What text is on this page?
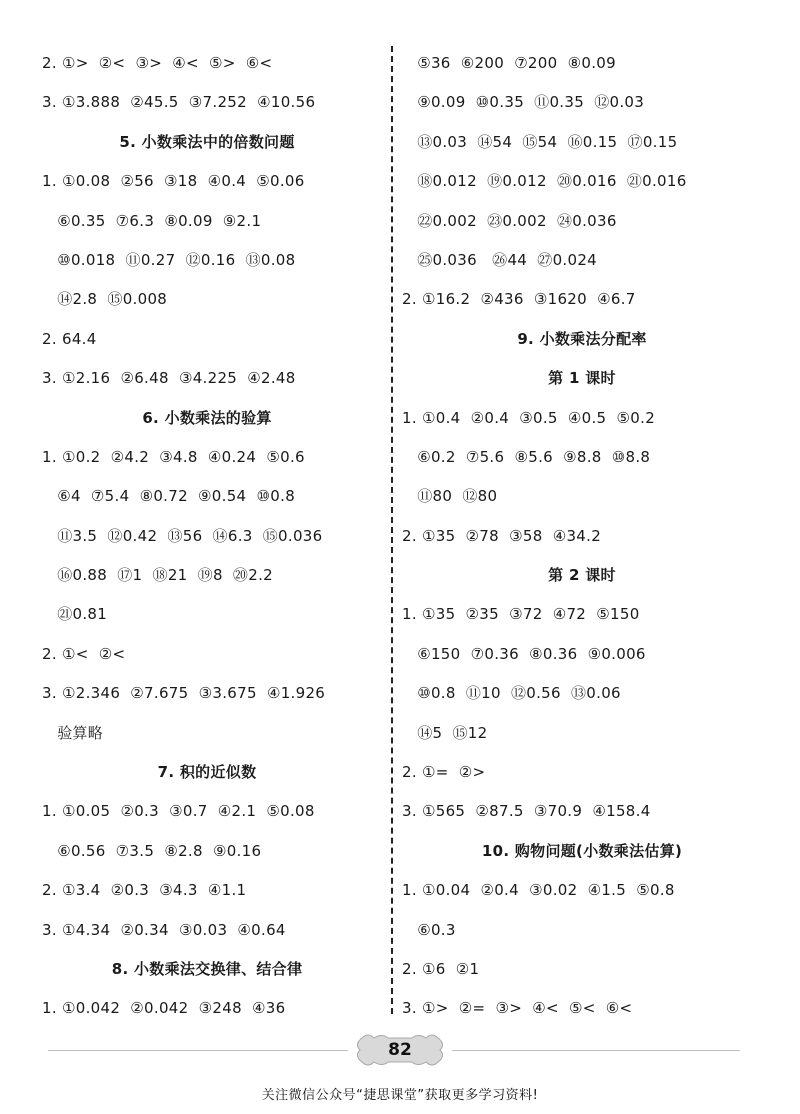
2. ①>  ②<  ③>  ④<  ⑤>  ⑥<
3. ①3.888  ②45.5  ③7.252  ④10.56
5. 小数乘法中的倍数问题
1. ①0.08  ②56  ③18  ④0.4  ⑤0.06
⑥0.35  ⑦6.3  ⑧0.09  ⑨2.1
⑩0.018  ⑪0.27  ⑫0.16  ⑬0.08
⑭2.8  ⑮0.008
2. 64.4
3. ①2.16  ②6.48  ③4.225  ④2.48
6. 小数乘法的验算
1. ①0.2  ②4.2  ③4.8  ④0.24  ⑤0.6
⑥4  ⑦5.4  ⑧0.72  ⑨0.54  ⑩0.8
⑪3.5  ⑫0.42  ⑬56  ⑭6.3  ⑮0.036
⑯0.88  ⑰1  ⑱21  ⑲8  ⑳2.2
㉑0.81
2. ①<  ②<
3. ①2.346  ②7.675  ③3.675  ④1.926
验算略
7. 积的近似数
1. ①0.05  ②0.3  ③0.7  ④2.1  ⑤0.08
⑥0.56  ⑦3.5  ⑧2.8  ⑨0.16
2. ①3.4  ②0.3  ③4.3  ④1.1
3. ①4.34  ②0.34  ③0.03  ④0.64
8. 小数乘法交换律、结合律
1. ①0.042  ②0.042  ③248  ④36
⑤36  ⑥200  ⑦200  ⑧0.09
⑨0.09  ⑩0.35  ⑪0.35  ⑫0.03
⑬0.03  ⑭54  ⑮54  ⑯0.15  ⑰0.15
⑱0.012  ⑲0.012  ⑳0.016  ㉑0.016
㉒0.002  ㉓0.002  ㉔0.036
㉕0.036   ㉖44  ㉗0.024
2. ①16.2  ②436  ③1620  ④6.7
9. 小数乘法分配率
第 1 课时
1. ①0.4  ②0.4  ③0.5  ④0.5  ⑤0.2
⑥0.2  ⑦5.6  ⑧5.6  ⑨8.8  ⑩8.8
⑪80  ⑫80
2. ①35  ②78  ③58  ④34.2
第 2 课时
1. ①35  ②35  ③72  ④72  ⑤150
⑥150  ⑦0.36  ⑧0.36  ⑨0.006
⑩0.8  ⑪10  ⑫0.56  ⑬0.06
⑭5  ⑮12
2. ①=  ②>
3. ①565  ②87.5  ③70.9  ④158.4
10. 购物问题(小数乘法估算)
1. ①0.04  ②0.4  ③0.02  ④1.5  ⑤0.8
⑥0.3
2. ①6  ②1
3. ①>  ②=  ③>  ④<  ⑤<  ⑥<
82
关注微信公众号“捷思课堂”获取更多学习资料!
